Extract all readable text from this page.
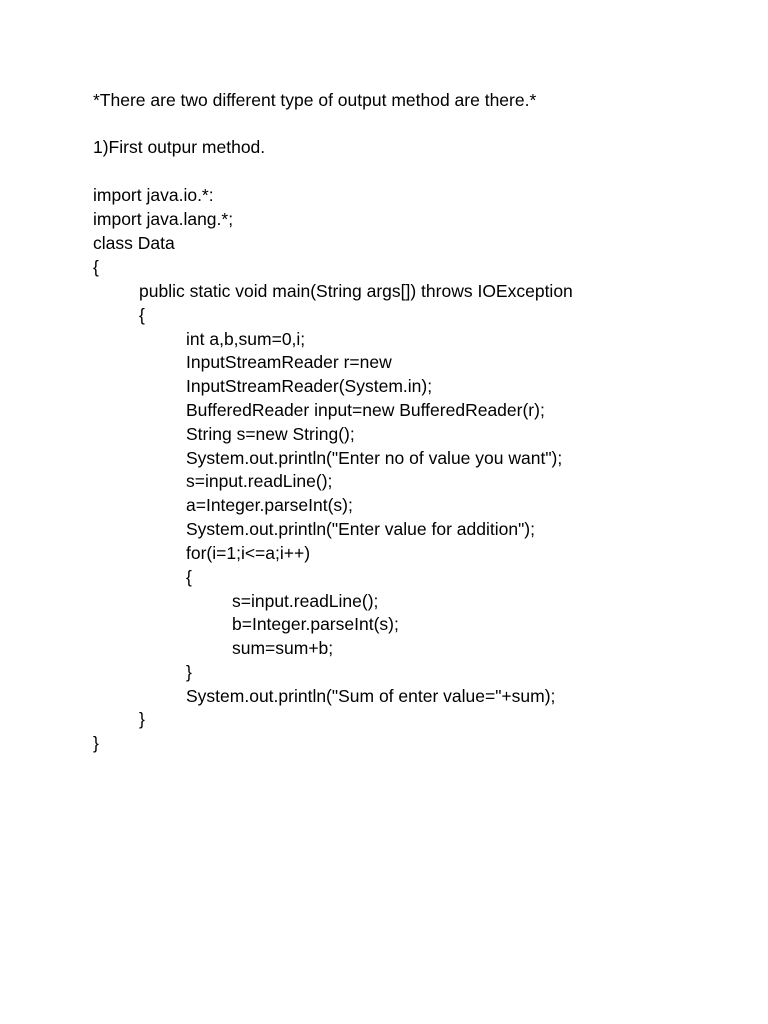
*There are two different type of output method are there.*
1)First outpur method.
import java.io.*:
import java.lang.*;
class Data
{
public static void main(String args[]) throws IOException
{
int a,b,sum=0,i;
InputStreamReader r=new
InputStreamReader(System.in);
BufferedReader input=new BufferedReader(r);
String s=new String();
System.out.println("Enter no of value you want");
s=input.readLine();
a=Integer.parseInt(s);
System.out.println("Enter value for addition");
for(i=1;i<=a;i++)
{
s=input.readLine();
b=Integer.parseInt(s);
sum=sum+b;
}
System.out.println("Sum of enter value="+sum);
}
}
